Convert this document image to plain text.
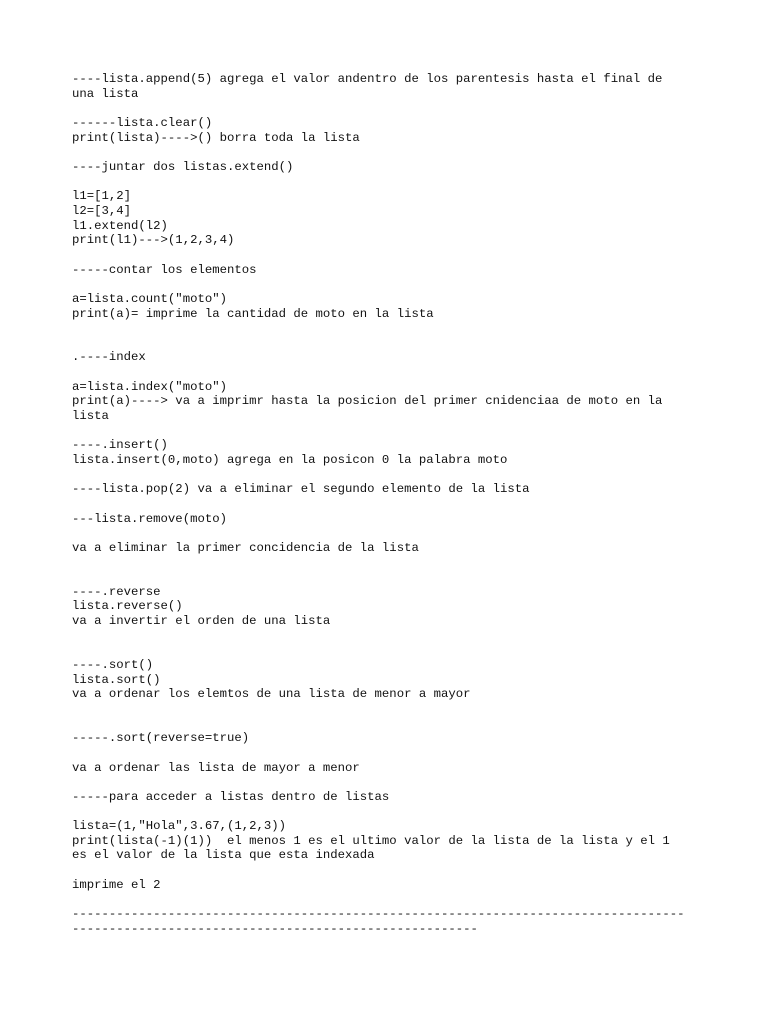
----lista.append(5) agrega el valor andentro de los parentesis hasta el final de
una lista
------lista.clear()
print(lista)---->() borra toda la lista
----juntar dos listas.extend()
l1=[1,2]
l2=[3,4]
l1.extend(l2)
print(l1)--->(1,2,3,4)
-----contar los elementos
a=lista.count("moto")
print(a)= imprime la cantidad de moto en la lista
.----index
a=lista.index("moto")
print(a)----> va a imprimr hasta la posicion del primer cnidenciaa de moto en la
lista
----.insert()
lista.insert(0,moto) agrega en la posicon 0 la palabra moto
----lista.pop(2) va a eliminar el segundo elemento de la lista
---lista.remove(moto)
va a eliminar la primer concidencia de la lista
----.reverse
lista.reverse()
va a invertir el orden de una lista
----.sort()
lista.sort()
va a ordenar los elemtos de una lista de menor a mayor
-----.sort(reverse=true)
va a ordenar las lista de mayor a menor
-----para acceder a listas dentro de listas
lista=(1,"Hola",3.67,(1,2,3))
print(lista(-1)(1))  el menos 1 es el ultimo valor de la lista de la lista y el 1
es el valor de la lista que esta indexada
imprime el 2
-----------------------------------------------------------------------------------
-------------------------------------------------------
